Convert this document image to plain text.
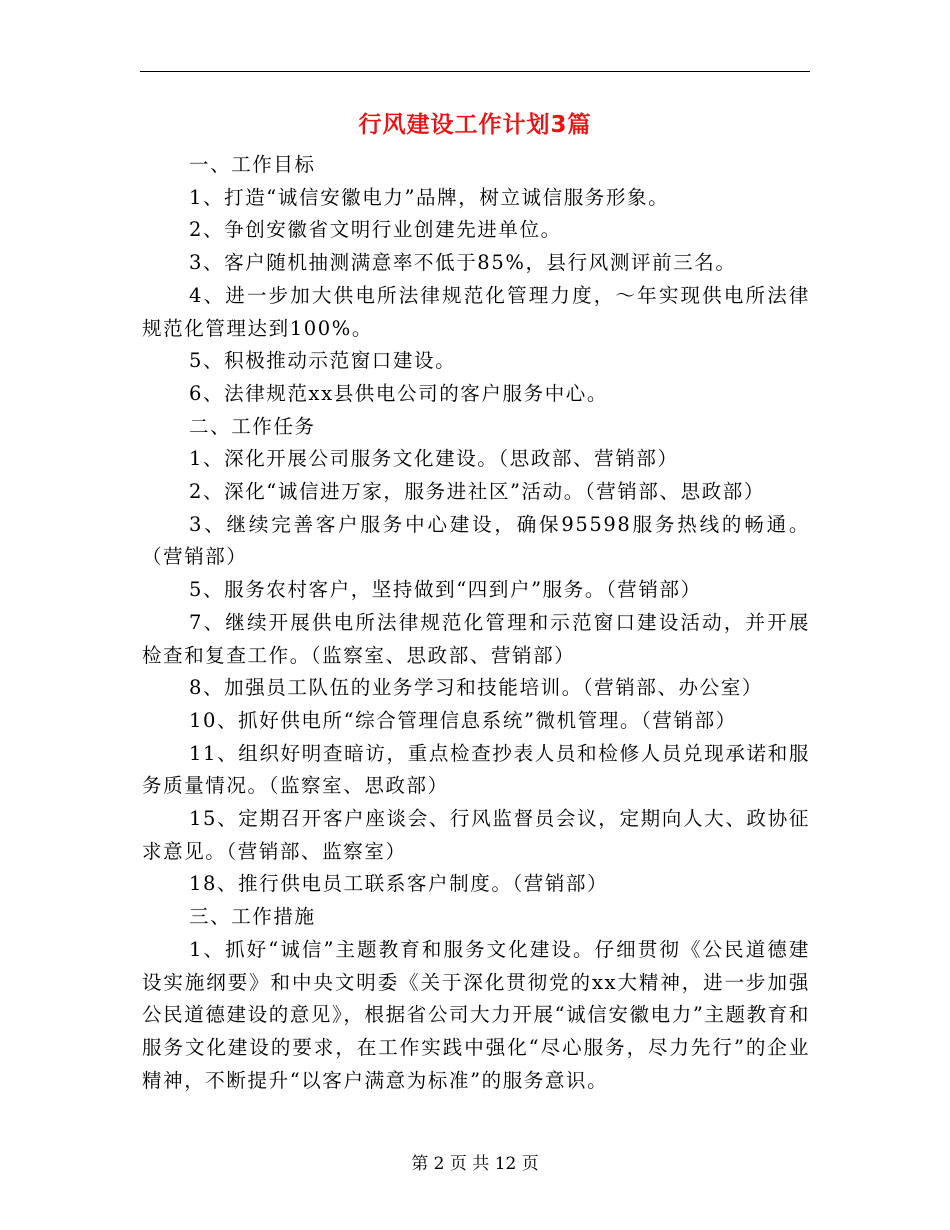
行风建设工作计划3篇

一、工作目标

1、打造“诚信安徽电力”品牌，树立诚信服务形象。

2、争创安徽省文明行业创建先进单位。

3、客户随机抽测满意率不低于85%，县行风测评前三名。

4、进一步加大供电所法律规范化管理力度，～年实现供电所法律规范化管理达到100%。

5、积极推动示范窗口建设。

6、法律规范xx县供电公司的客户服务中心。

二、工作任务

1、深化开展公司服务文化建设。（思政部、营销部）

2、深化“诚信进万家，服务进社区”活动。（营销部、思政部）

3、继续完善客户服务中心建设，确保95598服务热线的畅通。（营销部）

5、服务农村客户，坚持做到“四到户”服务。（营销部）

7、继续开展供电所法律规范化管理和示范窗口建设活动，并开展检查和复查工作。（监察室、思政部、营销部）

8、加强员工队伍的业务学习和技能培训。（营销部、办公室）

10、抓好供电所“综合管理信息系统”微机管理。（营销部）

11、组织好明查暗访，重点检查抄表人员和检修人员兑现承诺和服务质量情况。（监察室、思政部）

15、定期召开客户座谈会、行风监督员会议，定期向人大、政协征求意见。（营销部、监察室）

18、推行供电员工联系客户制度。（营销部）

三、工作措施

1、抓好“诚信”主题教育和服务文化建设。仔细贯彻《公民道德建设实施纲要》和中央文明委《关于深化贯彻党的xx大精神，进一步加强公民道德建设的意见》，根据省公司大力开展“诚信安徽电力”主题教育和服务文化建设的要求，在工作实践中强化“尽心服务，尽力先行”的企业精神，不断提升“以客户满意为标准”的服务意识。

第 2 页 共 12 页
